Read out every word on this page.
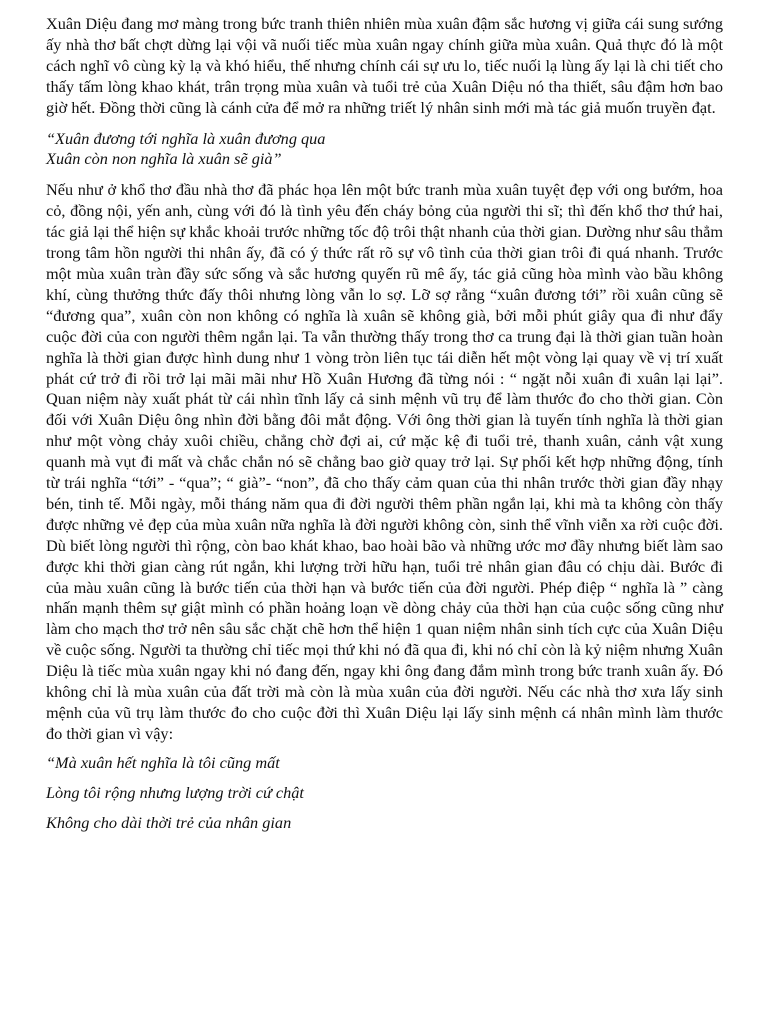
Xuân Diệu đang mơ màng trong bức tranh thiên nhiên mùa xuân đậm sắc hương vị giữa cái sung sướng ấy nhà thơ bất chợt dừng lại vội vã nuối tiếc mùa xuân ngay chính giữa mùa xuân. Quả thực đó là một cách nghĩ vô cùng kỳ lạ và khó hiểu, thế nhưng chính cái sự ưu lo, tiếc nuối lạ lùng ấy lại là chi tiết cho thấy tấm lòng khao khát, trân trọng mùa xuân và tuổi trẻ của Xuân Diệu nó tha thiết, sâu đậm hơn bao giờ hết. Đồng thời cũng là cánh cửa để mở ra những triết lý nhân sinh mới mà tác giả muốn truyền đạt.

“Xuân đương tới nghĩa là xuân đương qua
Xuân còn non nghĩa là xuân sẽ già”

Nếu như ở khổ thơ đầu nhà thơ đã phác họa lên một bức tranh mùa xuân tuyệt đẹp với ong bướm, hoa cỏ, đồng nội, yến anh, cùng với đó là tình yêu đến cháy bỏng của người thi sĩ; thì đến khổ thơ thứ hai, tác giả lại thể hiện sự khắc khoải trước những tốc độ trôi thật nhanh của thời gian. Dường như sâu thẳm trong tâm hồn người thi nhân ấy, đã có ý thức rất rõ sự vô tình của thời gian trôi đi quá nhanh. Trước một mùa xuân tràn đầy sức sống và sắc hương quyến rũ mê ấy, tác giả cũng hòa mình vào bầu không khí, cùng thưởng thức đấy thôi nhưng lòng vẫn lo sợ. Lỡ sợ rằng “xuân đương tới” rồi xuân cũng sẽ “đương qua”, xuân còn non không có nghĩa là xuân sẽ không già, bởi mỗi phút giây qua đi như đẩy cuộc đời của con người thêm ngắn lại. Ta vẫn thường thấy trong thơ ca trung đại là thời gian tuần hoàn nghĩa là thời gian được hình dung như 1 vòng tròn liên tục tái diễn hết một vòng lại quay về vị trí xuất phát cứ trở đi rồi trở lại mãi mãi như Hồ Xuân Hương đã từng nói : “ ngặt nỗi xuân đi xuân lại lại”. Quan niệm này xuất phát từ cái nhìn tĩnh lấy cả sinh mệnh vũ trụ để làm thước đo cho thời gian. Còn đối với Xuân Diệu ông nhìn đời bằng đôi mắt động. Với ông thời gian là tuyến tính nghĩa là thời gian như một vòng chảy xuôi chiều, chẳng chờ đợi ai, cứ mặc kệ đi tuổi trẻ, thanh xuân, cảnh vật xung quanh mà vụt đi mất và chắc chắn nó sẽ chẳng bao giờ quay trở lại. Sự phối kết hợp những động, tính từ trái nghĩa “tới” - “qua”; “ già”- “non”, đã cho thấy cảm quan của thi nhân trước thời gian đầy nhạy bén, tinh tế. Mỗi ngày, mỗi tháng năm qua đi đời người thêm phần ngắn lại, khi mà ta không còn thấy được những vẻ đẹp của mùa xuân nữa nghĩa là đời người không còn, sinh thể vĩnh viễn xa rời cuộc đời. Dù biết lòng người thì rộng, còn bao khát khao, bao hoài bão và những ước mơ đầy nhưng biết làm sao được khi thời gian càng rút ngắn, khi lượng trời hữu hạn, tuổi trẻ nhân gian đâu có chịu dài. Bước đi của màu xuân cũng là bước tiến của thời hạn và bước tiến của đời người. Phép điệp “ nghĩa là ” càng nhấn mạnh thêm sự giật mình có phần hoảng loạn về dòng chảy của thời hạn của cuộc sống cũng như làm cho mạch thơ trở nên sâu sắc chặt chẽ hơn thể hiện 1 quan niệm nhân sinh tích cực của Xuân Diệu về cuộc sống. Người ta thường chỉ tiếc mọi thứ khi nó đã qua đi, khi nó chỉ còn là kỷ niệm nhưng Xuân Diệu là tiếc mùa xuân ngay khi nó đang đến, ngay khi ông đang đắm mình trong bức tranh xuân ấy. Đó không chỉ là mùa xuân của đất trời mà còn là mùa xuân của đời người. Nếu các nhà thơ xưa lấy sinh mệnh của vũ trụ làm thước đo cho cuộc đời thì Xuân Diệu lại lấy sinh mệnh cá nhân mình làm thước đo thời gian vì vậy:

“Mà xuân hết nghĩa là tôi cũng mất
Lòng tôi rộng nhưng lượng trời cứ chật
Không cho dài thời trẻ của nhân gian
